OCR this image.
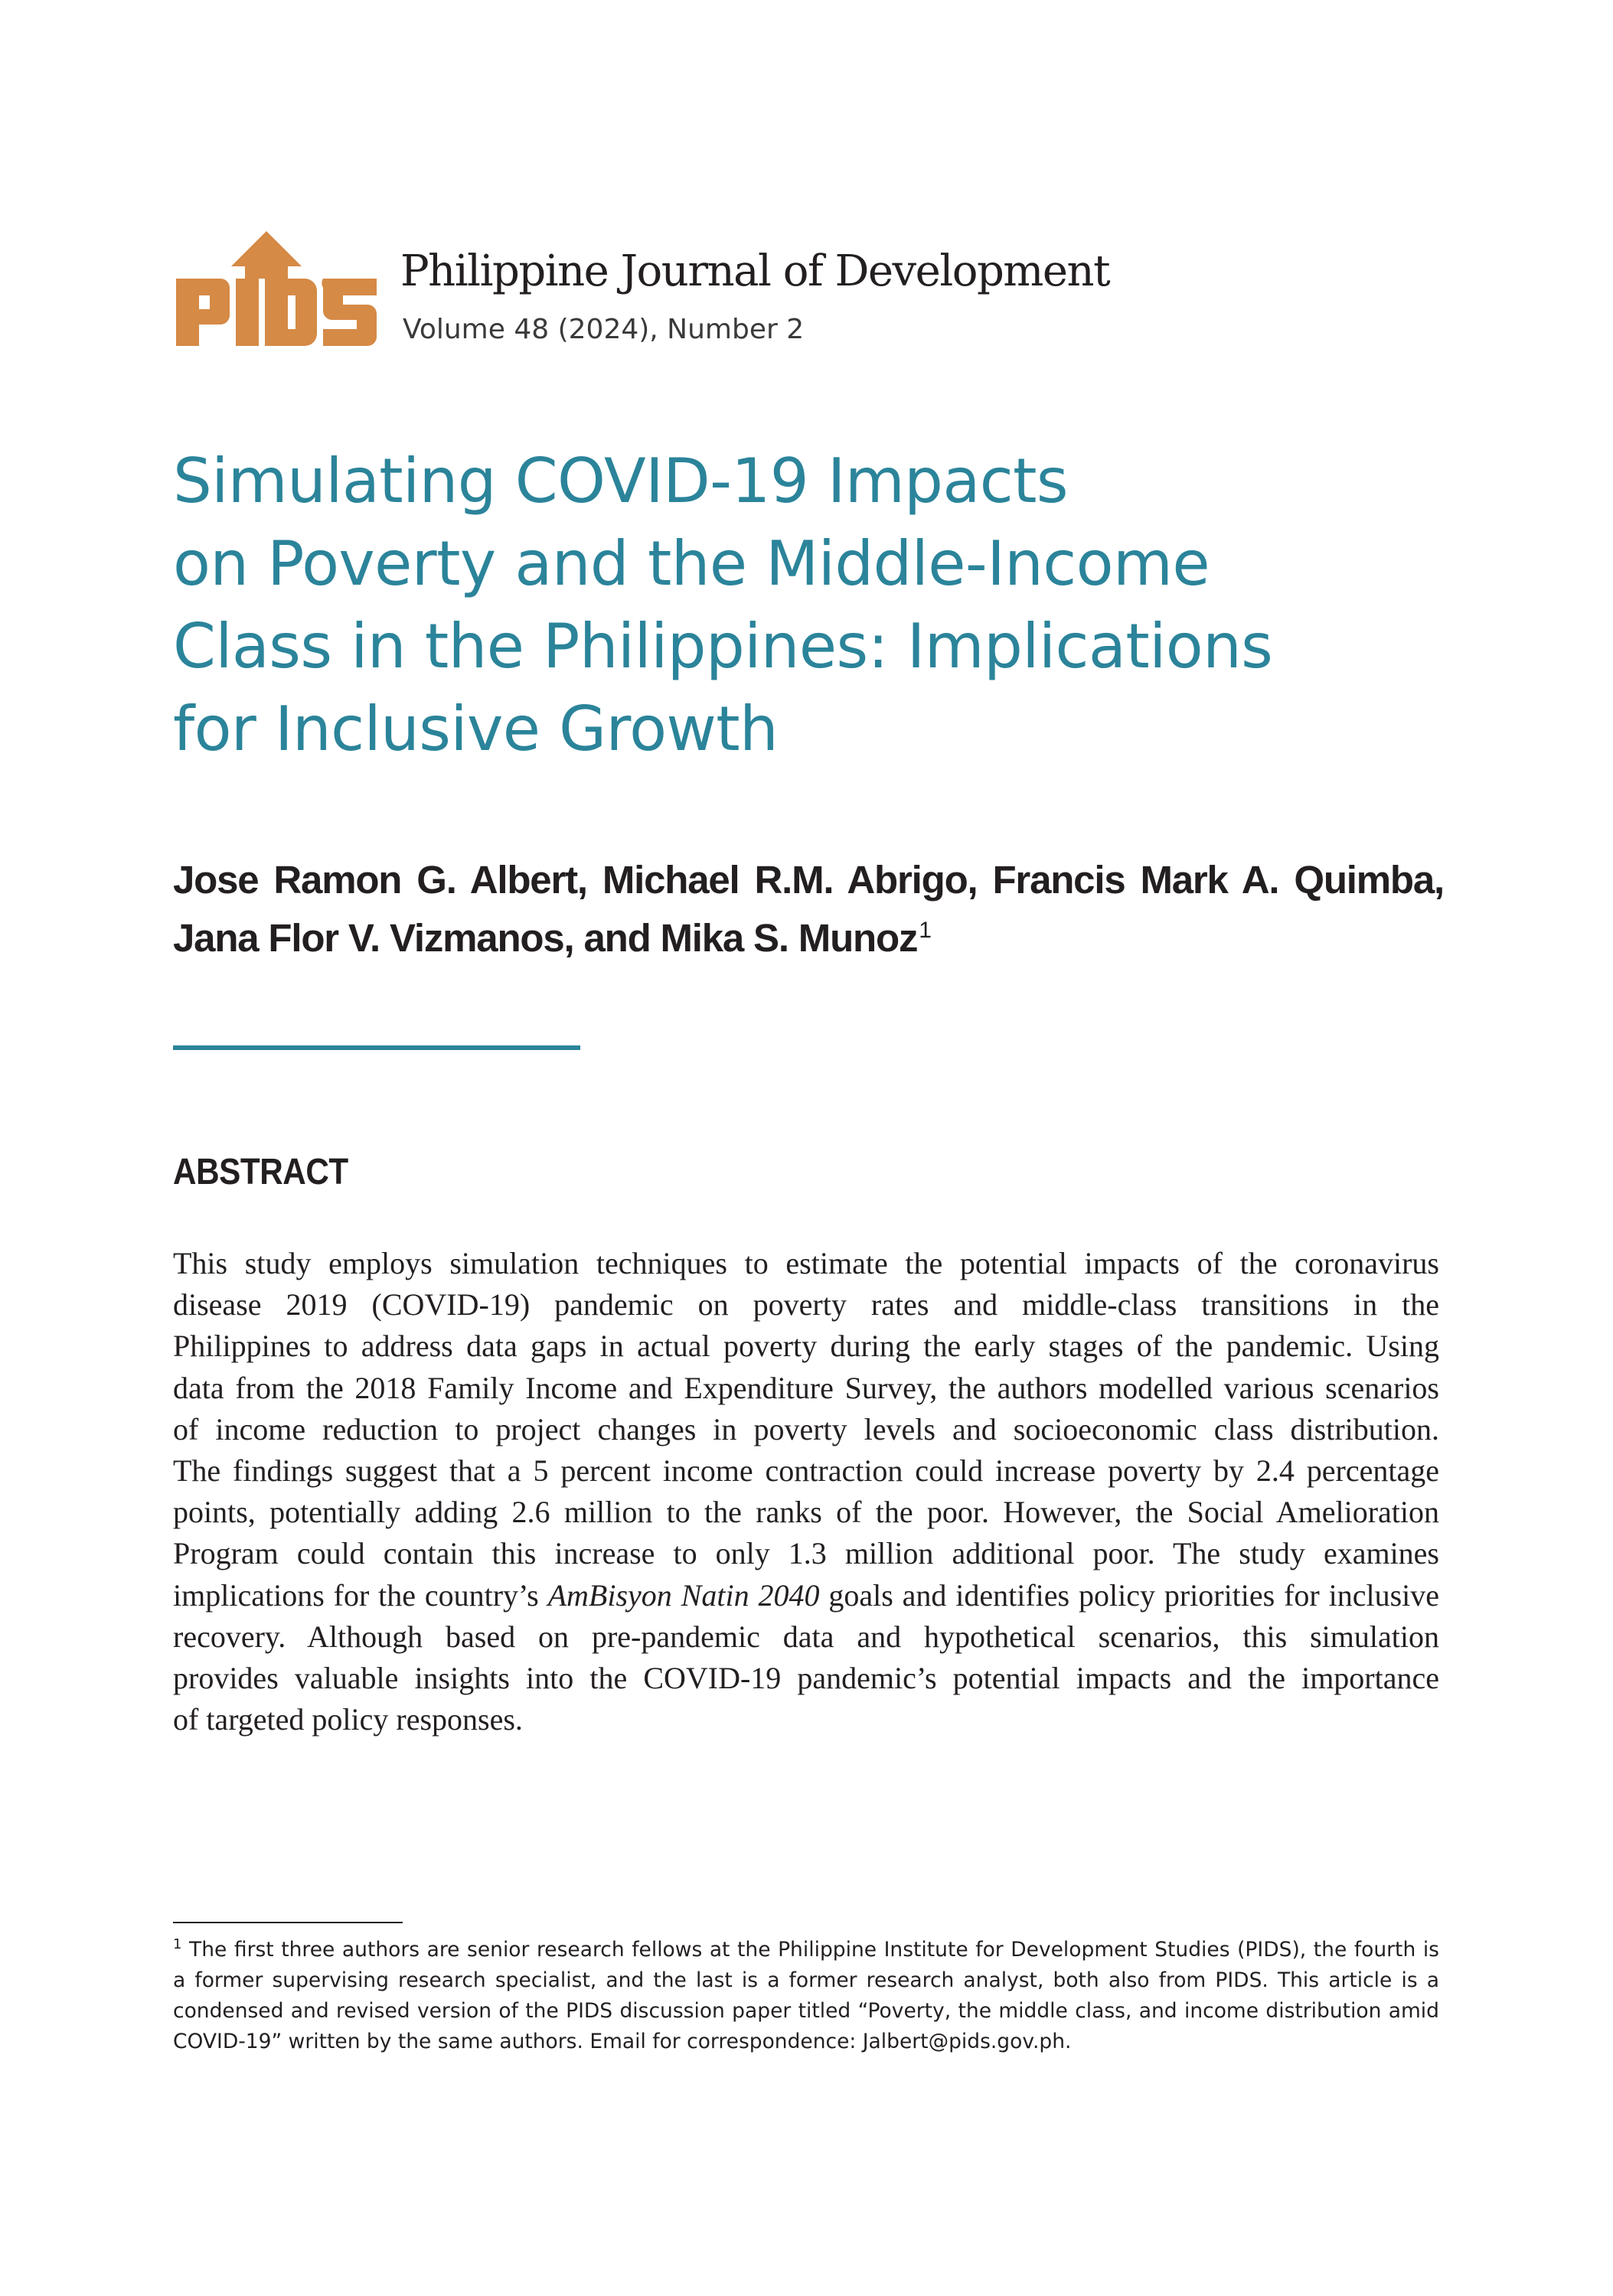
Philippine Journal of Development
Volume 48 (2024), Number 2
Simulating COVID-19 Impacts
on Poverty and the Middle-Income
Class in the Philippines: Implications
for Inclusive Growth
Jose Ramon G. Albert, Michael R.M. Abrigo, Francis Mark A. Quimba,
Jana Flor V. Vizmanos, and Mika S. Munoz$^1$
ABSTRACT
This study employs simulation techniques to estimate the potential impacts of the coronavirus
disease 2019 (COVID-19) pandemic on poverty rates and middle-class transitions in the
Philippines to address data gaps in actual poverty during the early stages of the pandemic. Using
data from the 2018 Family Income and Expenditure Survey, the authors modelled various scenarios
of income reduction to project changes in poverty levels and socioeconomic class distribution.
The findings suggest that a 5 percent income contraction could increase poverty by 2.4 percentage
points, potentially adding 2.6 million to the ranks of the poor. However, the Social Amelioration
Program could contain this increase to only 1.3 million additional poor. The study examines
implications for the country’s AmBisyon Natin 2040 goals and identifies policy priorities for inclusive
recovery. Although based on pre-pandemic data and hypothetical scenarios, this simulation
provides valuable insights into the COVID-19 pandemic’s potential impacts and the importance
of targeted policy responses.
$^1$ The first three authors are senior research fellows at the Philippine Institute for Development Studies (PIDS), the fourth is
a former supervising research specialist, and the last is a former research analyst, both also from PIDS. This article is a
condensed and revised version of the PIDS discussion paper titled “Poverty, the middle class, and income distribution amid
COVID-19” written by the same authors. Email for correspondence: Jalbert@pids.gov.ph.
